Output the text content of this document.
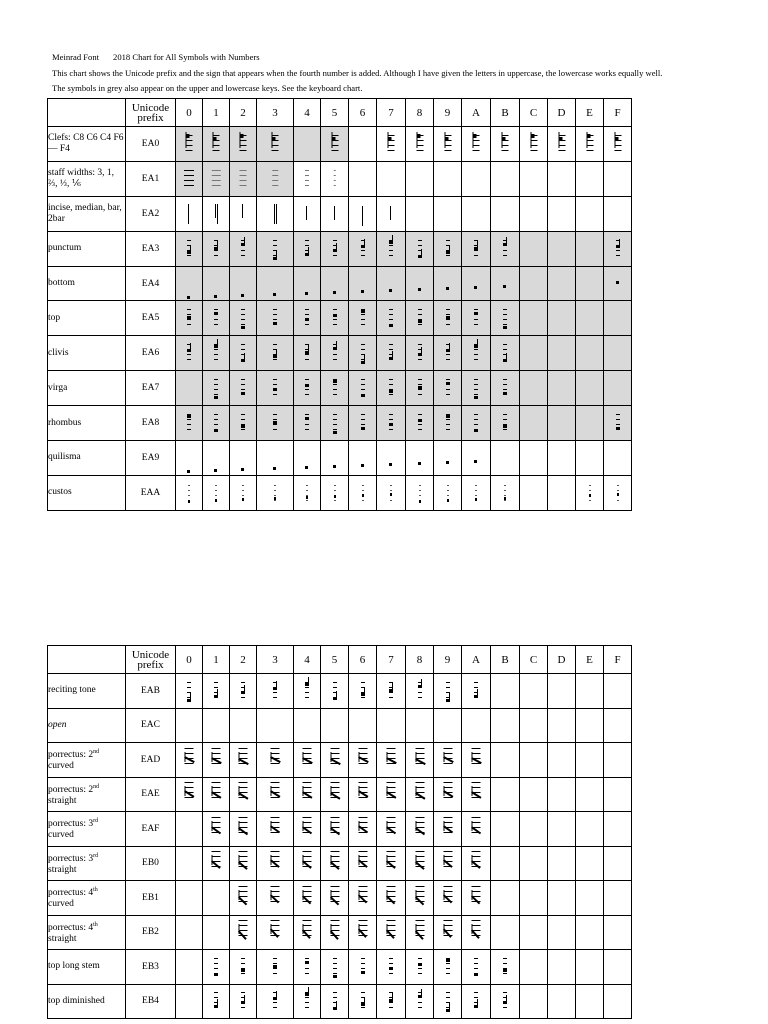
Meinrad Font 2018 Chart for All Symbols with Numbers
This chart shows the Unicode prefix and the sign that appears when the fourth number is added. Although I have given the letters in uppercase, the lowercase works equally well.
The symbols in grey also appear on the upper and lowercase keys. See the keyboard chart.
	Unicode prefix	0	1	2	3	4	5	6	7	8	9	A	B	C	D	E	F
Clefs: C8 C6 C4 F6 — F4	EA0	

staff widths: 3, 1, ⅔, ⅓, ⅙	EA1	

incise, median, bar, 2bar	EA2	

punctum	EA3	

bottom	EA4	

top	EA5	

clivis	EA6	

virga	EA7		

rhombus	EA8	

quilisma	EA9	

custos	EAA	

	Unicode prefix	0	1	2	3	4	5	6	7	8	9	A	B	C	D	E	F
reciting tone	EAB	

open	EAC																
porrectus: 2nd curved	EAD	

porrectus: 2nd straight	EAE	

porrectus: 3rd curved	EAF		

porrectus: 3rd straight	EB0		

porrectus: 4th curved	EB1			

porrectus: 4th straight	EB2			

top long stem	EB3		

top diminished	EB4		
